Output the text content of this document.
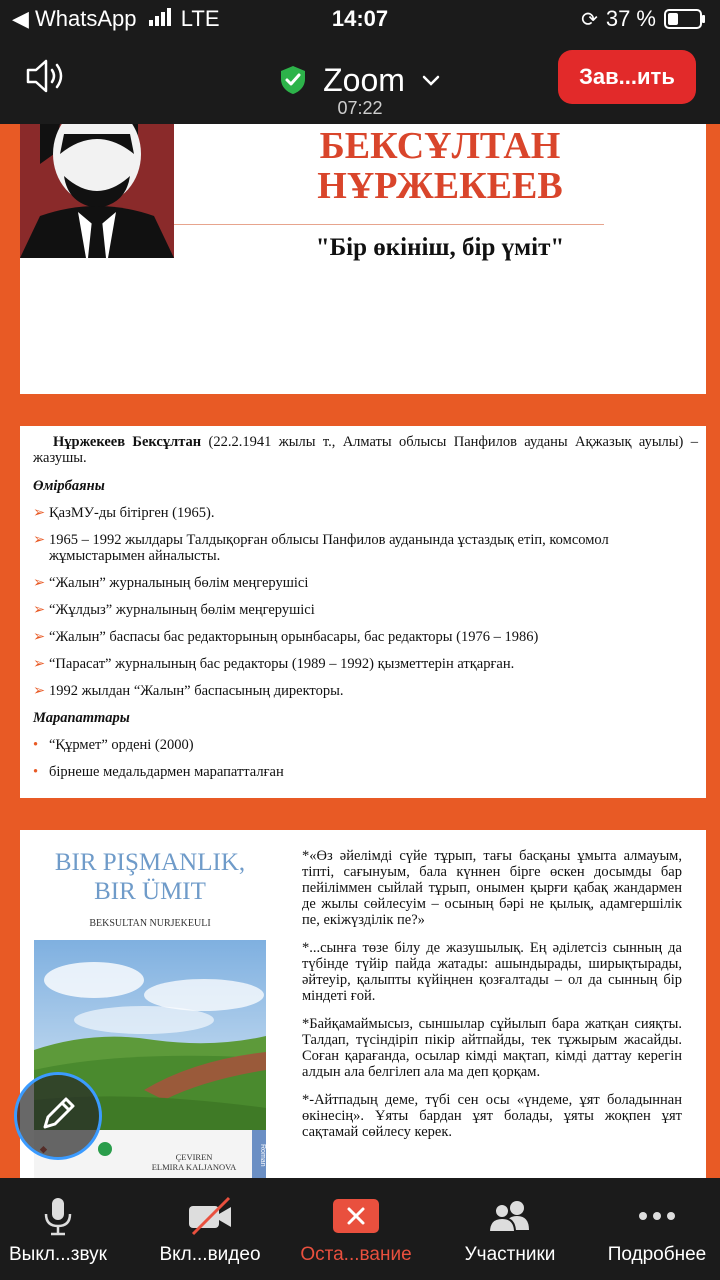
◀ WhatsApp LTE	14:07	⟳ 37 %
Zoom
07:22
Зав...ить
БЕКСҰЛТАН
НҰРЖЕКЕЕВ
"Бір өкініш, бір үміт"

Нұржекеев Бексұлтан (22.2.1941 жылы т., Алматы облысы Панфилов ауданы Ақжазық ауылы) – жазушы.

Өмірбаяны

➢ ҚазМУ-ды бітірген (1965).
➢ 1965 – 1992 жылдары Талдықорған облысы Панфилов ауданында ұстаздық етіп, комсомол жұмыстарымен айналысты.
➢ “Жалын” журналының бөлім меңгерушісі
➢ “Жұлдыз” журналының бөлім меңгерушісі
➢ “Жалын” баспасы бас редакторының орынбасары, бас редакторы (1976 – 1986)
➢ “Парасат” журналының бас редакторы (1989 – 1992) қызметтерін атқарған.
➢ 1992 жылдан “Жалын” баспасының директоры.

Марапаттары

• “Құрмет” ордені (2000)
• бірнеше медальдармен марапатталған
BIR PIŞMANLIK,
BIR ÜMIT
BEKSULTAN NURJEKEULI
ÇEVIREN
ELMIRA KALJANOVA
Roman

*«Өз әйелімді сүйе тұрып, тағы басқаны ұмыта алмауым, тіпті, сағынуым, бала күннен бірге өскен досымды бар пейіліммен сыйлай тұрып, онымен қырғи қабақ жандармен де жылы сөйлесуім – осының бәрі не қылық, адамгершілік пе, екіжүзділік пе?»

*...сынға төзе білу де жазушылық. Ең әділетсіз сынның да түбінде түйір пайда жатады: ашындырады, ширықтырады, әйтеуір, қалыпты күйіңнен қозғалтады – ол да сынның бір міндеті ғой.

*Байқамаймысыз, сыншылар сұйылып бара жатқан сияқты. Талдап, түсіндіріп пікір айтпайды, тек тұжырым жасайды. Соған қарағанда, осылар кімді мақтап, кімді даттау керегін алдын ала белгілеп ала ма деп қорқам.

*-Айтпадың деме, түбі сен осы «үндеме, ұят боладыннан өкінесің». Ұяты бардан ұят болады, ұяты жоқпен ұят сақтамай сөйлесу керек.

Выкл...звук	Вкл...видео	Оста...вание	Участники	Подробнее
